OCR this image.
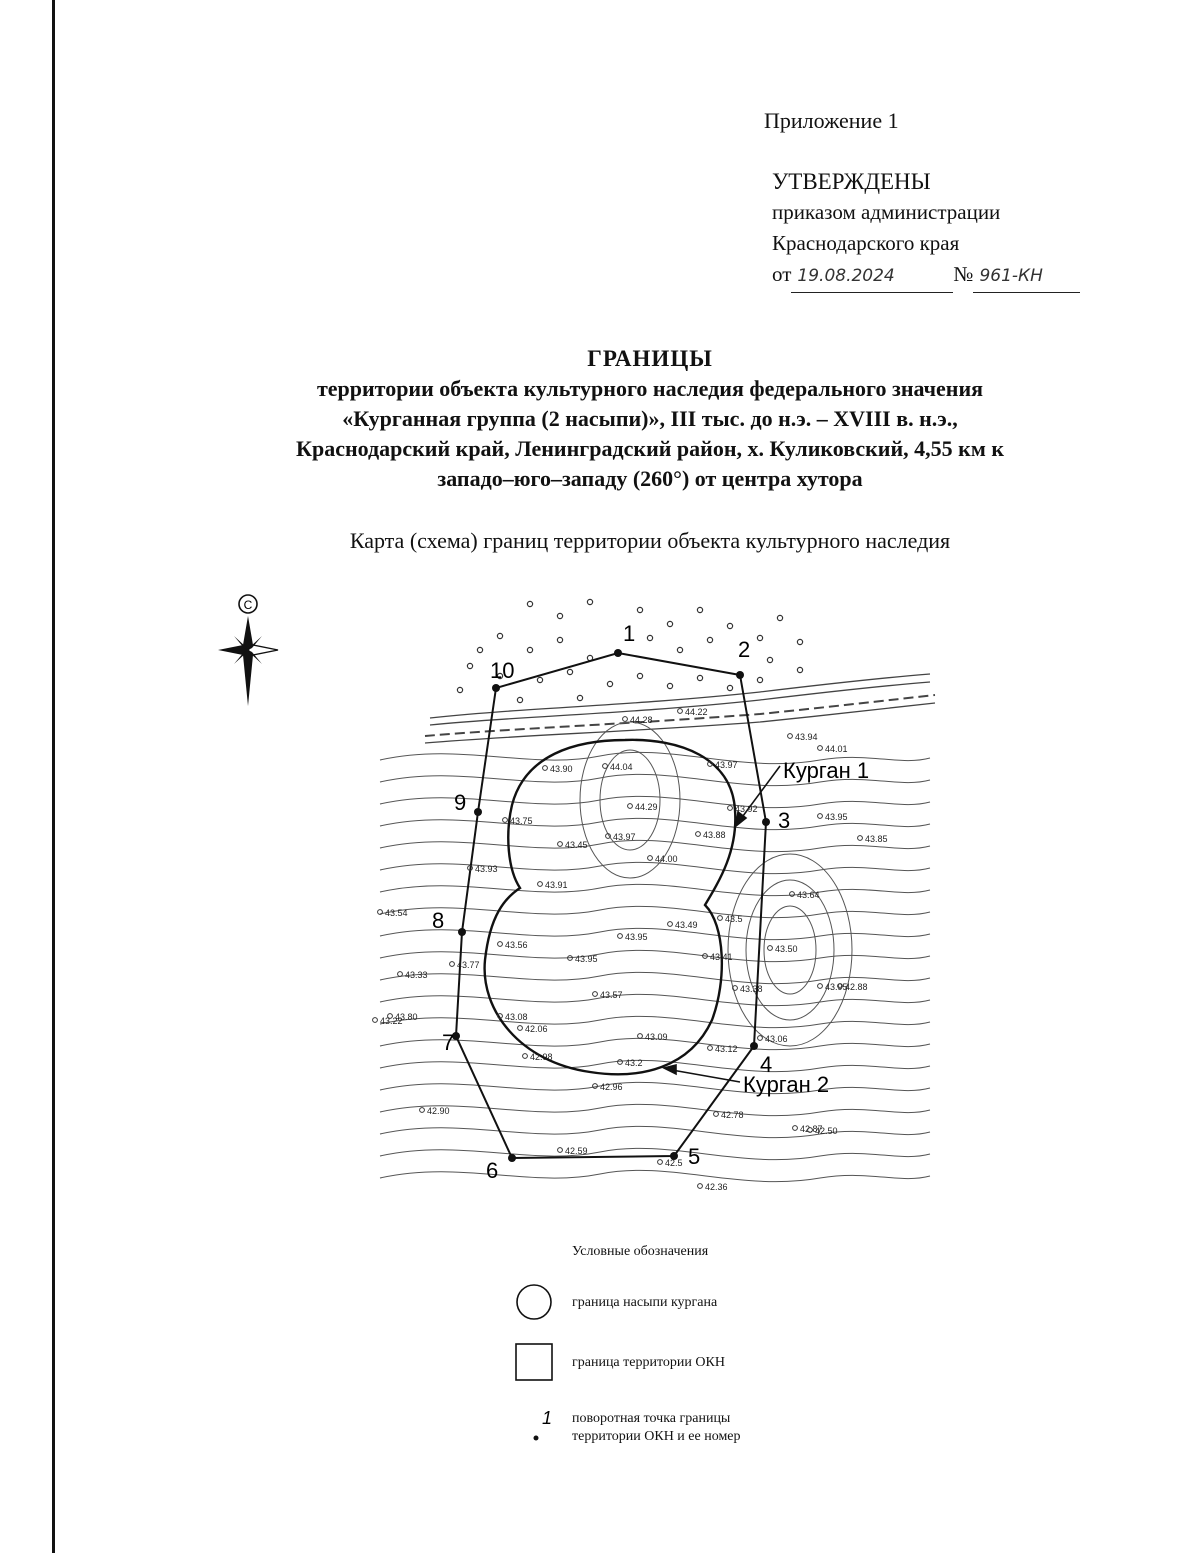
Приложение 1
УТВЕРЖДЕНЫ
приказом администрации
Краснодарского края
от 19.08.2024	№ 961-КН
ГРАНИЦЫ
территории объекта культурного наследия федерального значения
«Курганная группа (2 насыпи)», III тыс. до н.э. – XVIII в. н.э.,
Краснодарский край, Ленинградский район, х. Куликовский, 4,55 км к
западо–юго–западу (260°) от центра хутора
Карта (схема) границ территории объекта культурного наследия
С
Курган 1
Курган 2
1
2
3
4
5
6
7
8
9
10
44.28
44.22
43.94
44.01
43.90	44.04	43.97
44.29	43.92
43.95
43.75
43.88	43.85
43.45
43.97
44.00
43.93
43.91
43.64
43.54
43.95
43.49
43.5
43.50
43.56
43.95
43.77
43.41
43.38	43.95
43.33
43.57
43.80
42.06
43.22
43.09
43.12
43.06
42.98
43.2
42.96
42.87
42.90	42.78
42.50
42.59
42.5
42.36
42.88
43.08
Условные обозначения
граница насыпи кургана
граница территории ОКН
1 поворотная точка границы
территории ОКН и ее номер
